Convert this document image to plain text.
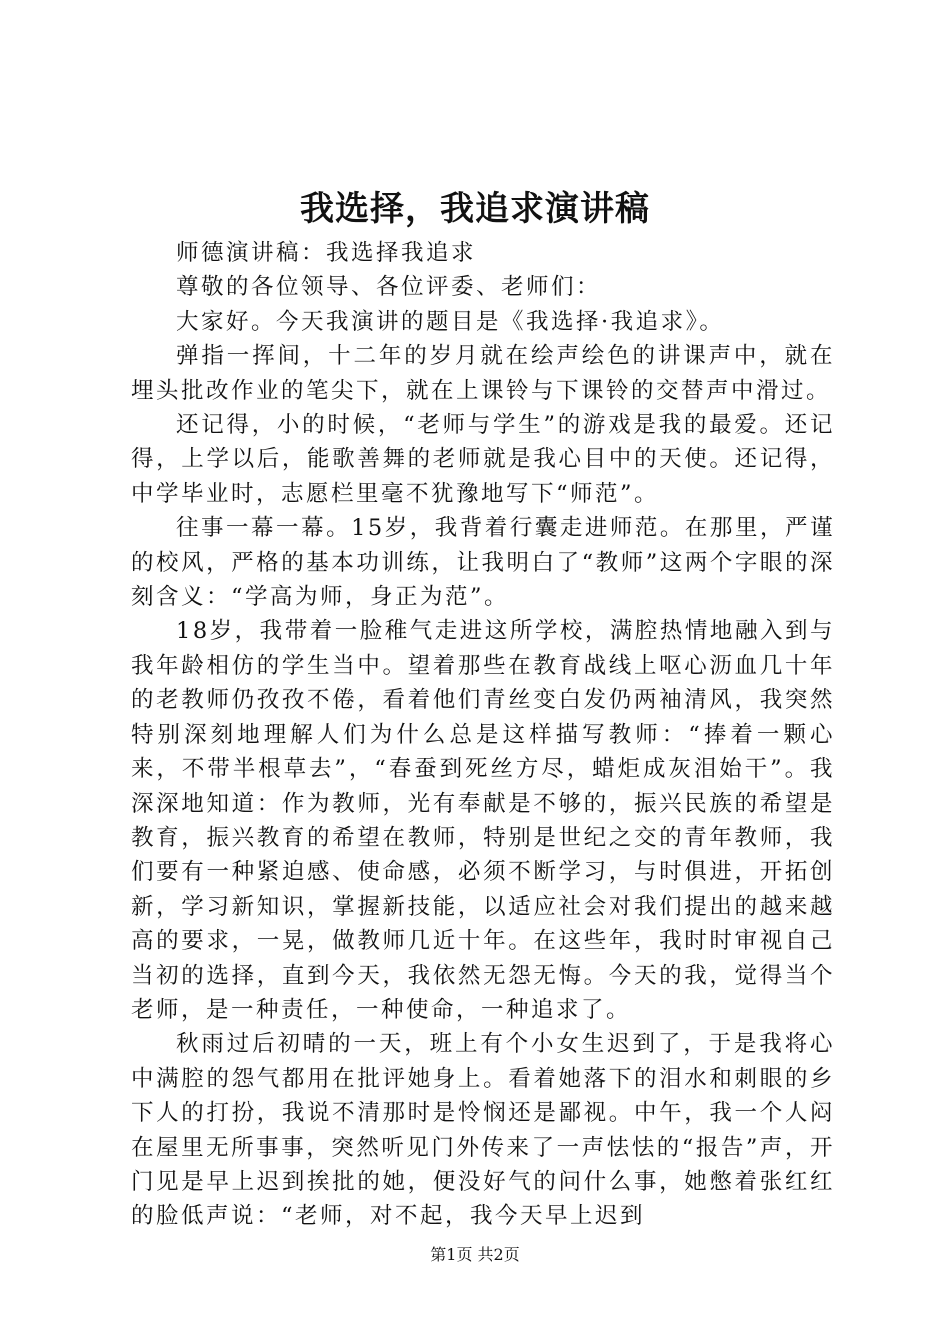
我选择，我追求演讲稿

师德演讲稿：我选择我追求

尊敬的各位领导、各位评委、老师们：

大家好。今天我演讲的题目是《我选择·我追求》。

弹指一挥间，十二年的岁月就在绘声绘色的讲课声中，就在埋头批改作业的笔尖下，就在上课铃与下课铃的交替声中滑过。

还记得，小的时候，“老师与学生”的游戏是我的最爱。还记得，上学以后，能歌善舞的老师就是我心目中的天使。还记得，中学毕业时，志愿栏里毫不犹豫地写下“师范”。

往事一幕一幕。15岁，我背着行囊走进师范。在那里，严谨的校风，严格的基本功训练，让我明白了“教师”这两个字眼的深刻含义：“学高为师，身正为范”。

18岁，我带着一脸稚气走进这所学校，满腔热情地融入到与我年龄相仿的学生当中。望着那些在教育战线上呕心沥血几十年的老教师仍孜孜不倦，看着他们青丝变白发仍两袖清风，我突然特别深刻地理解人们为什么总是这样描写教师：“捧着一颗心来，不带半根草去”，“春蚕到死丝方尽，蜡炬成灰泪始干”。我深深地知道：作为教师，光有奉献是不够的，振兴民族的希望是教育，振兴教育的希望在教师，特别是世纪之交的青年教师，我们要有一种紧迫感、使命感，必须不断学习，与时俱进，开拓创新，学习新知识，掌握新技能，以适应社会对我们提出的越来越高的要求，一晃，做教师几近十年。在这些年，我时时审视自己当初的选择，直到今天，我依然无怨无悔。今天的我，觉得当个老师，是一种责任，一种使命，一种追求了。

秋雨过后初晴的一天，班上有个小女生迟到了，于是我将心中满腔的怨气都用在批评她身上。看着她落下的泪水和刺眼的乡下人的打扮，我说不清那时是怜悯还是鄙视。中午，我一个人闷在屋里无所事事，突然听见门外传来了一声怯怯的“报告”声，开门见是早上迟到挨批的她，便没好气的问什么事，她憋着张红红的脸低声说：“老师，对不起，我今天早上迟到

第1页 共2页
